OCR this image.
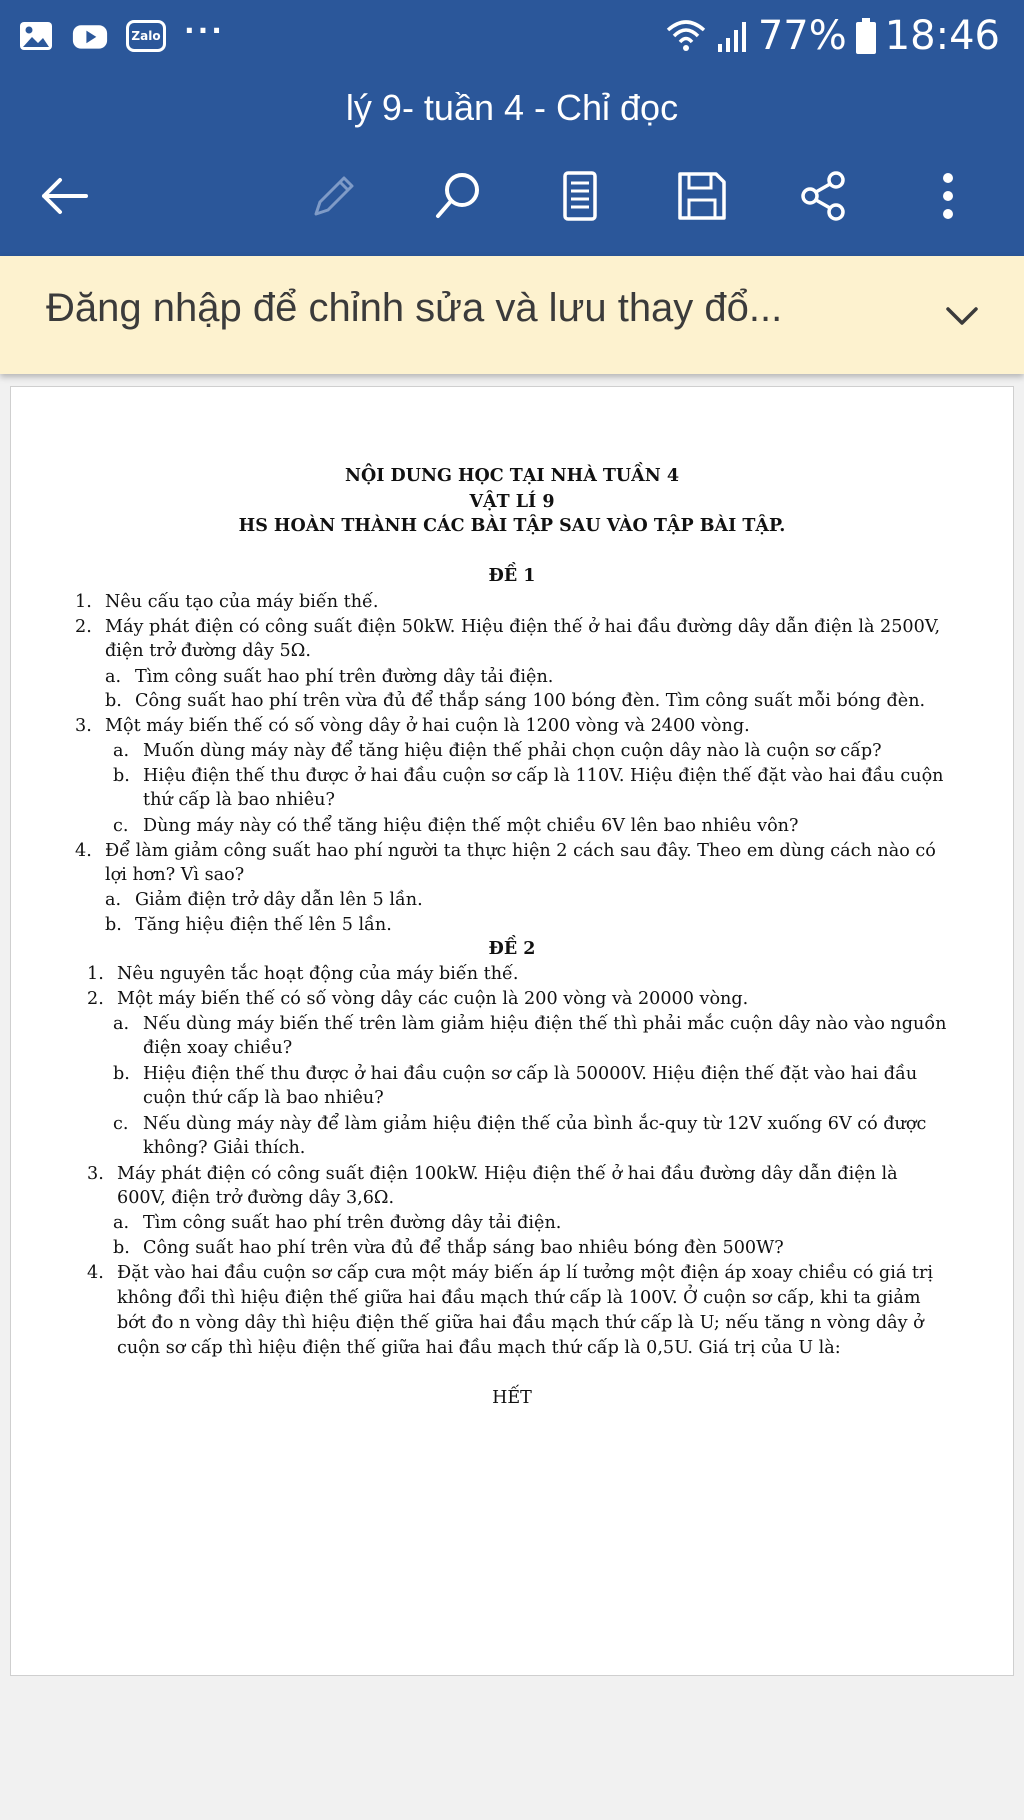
Zalo ···	77% 18:46
lý 9- tuần 4 - Chỉ đọc
Đăng nhập để chỉnh sửa và lưu thay đổ...
NỘI DUNG HỌC TẠI NHÀ TUẦN 4
VẬT LÍ 9
HS HOÀN THÀNH CÁC BÀI TẬP SAU VÀO TẬP BÀI TẬP.
ĐỀ 1
1. Nêu cấu tạo của máy biến thế.
2. Máy phát điện có công suất điện 50kW. Hiệu điện thế ở hai đầu đường dây dẫn điện là 2500V,
điện trở đường dây 5Ω.
a. Tìm công suất hao phí trên đường dây tải điện.
b. Công suất hao phí trên vừa đủ để thắp sáng 100 bóng đèn. Tìm công suất mỗi bóng đèn.
3. Một máy biến thế có số vòng dây ở hai cuộn là 1200 vòng và 2400 vòng.
a. Muốn dùng máy này để tăng hiệu điện thế phải chọn cuộn dây nào là cuộn sơ cấp?
b. Hiệu điện thế thu được ở hai đầu cuộn sơ cấp là 110V. Hiệu điện thế đặt vào hai đầu cuộn
thứ cấp là bao nhiêu?
c. Dùng máy này có thể tăng hiệu điện thế một chiều 6V lên bao nhiêu vôn?
4. Để làm giảm công suất hao phí người ta thực hiện 2 cách sau đây. Theo em dùng cách nào có
lợi hơn? Vì sao?
a. Giảm điện trở dây dẫn lên 5 lần.
b. Tăng hiệu điện thế lên 5 lần.
ĐỀ 2
1. Nêu nguyên tắc hoạt động của máy biến thế.
2. Một máy biến thế có số vòng dây các cuộn là 200 vòng và 20000 vòng.
a. Nếu dùng máy biến thế trên làm giảm hiệu điện thế thì phải mắc cuộn dây nào vào nguồn
điện xoay chiều?
b. Hiệu điện thế thu được ở hai đầu cuộn sơ cấp là 50000V. Hiệu điện thế đặt vào hai đầu
cuộn thứ cấp là bao nhiêu?
c. Nếu dùng máy này để làm giảm hiệu điện thế của bình ắc-quy từ 12V xuống 6V có được
không? Giải thích.
3. Máy phát điện có công suất điện 100kW. Hiệu điện thế ở hai đầu đường dây dẫn điện là
600V, điện trở đường dây 3,6Ω.
a. Tìm công suất hao phí trên đường dây tải điện.
b. Công suất hao phí trên vừa đủ để thắp sáng bao nhiêu bóng đèn 500W?
4. Đặt vào hai đầu cuộn sơ cấp cưa một máy biến áp lí tưởng một điện áp xoay chiều có giá trị
không đổi thì hiệu điện thế giữa hai đầu mạch thứ cấp là 100V. Ở cuộn sơ cấp, khi ta giảm
bớt đo n vòng dây thì hiệu điện thế giữa hai đầu mạch thứ cấp là U; nếu tăng n vòng dây ở
cuộn sơ cấp thì hiệu điện thế giữa hai đầu mạch thứ cấp là 0,5U. Giá trị của U là:
HẾT
